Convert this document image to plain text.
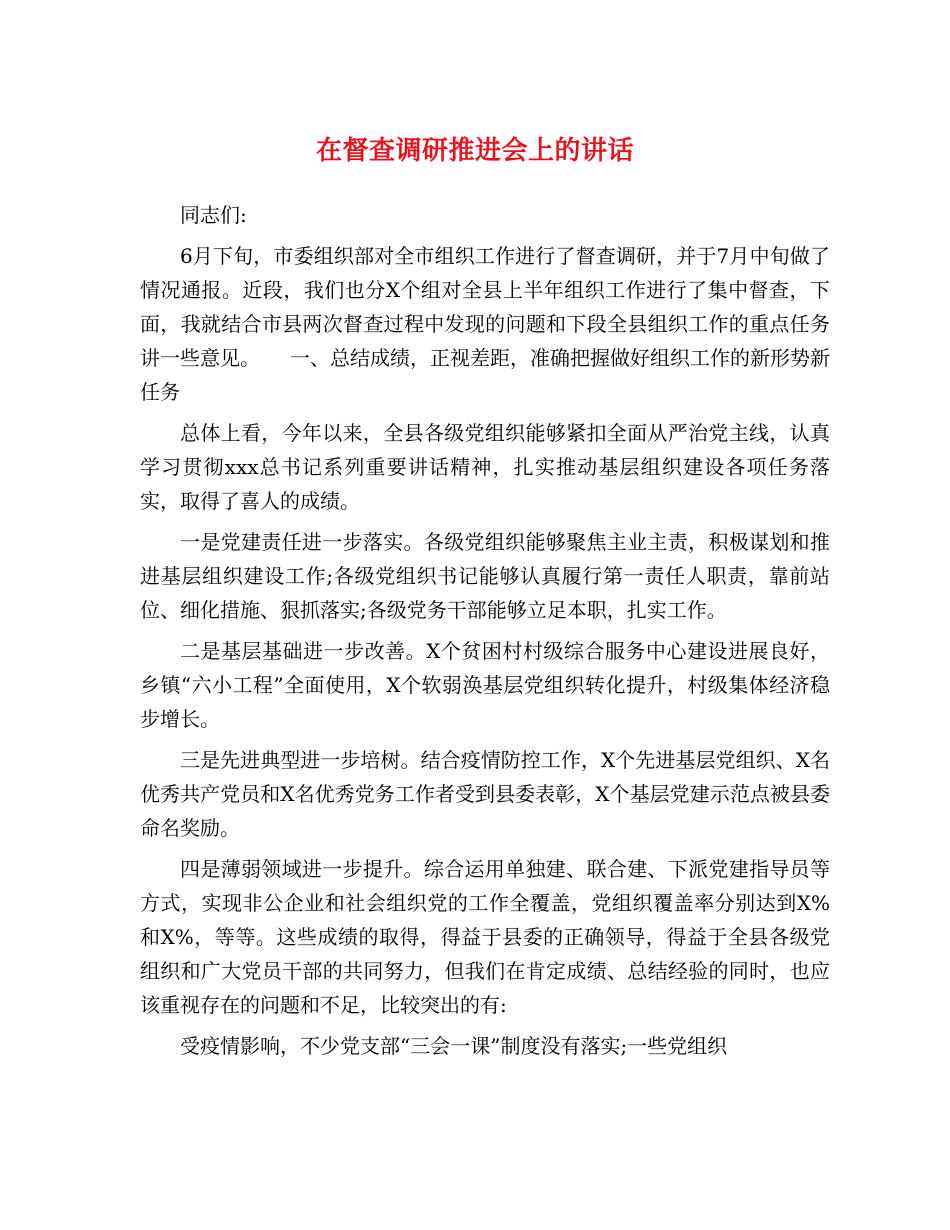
在督查调研推进会上的讲话

同志们:

6月下旬，市委组织部对全市组织工作进行了督查调研，并于7月中旬做了情况通报。近段，我们也分X个组对全县上半年组织工作进行了集中督查，下面，我就结合市县两次督查过程中发现的问题和下段全县组织工作的重点任务讲一些意见。　　一、总结成绩，正视差距，准确把握做好组织工作的新形势新任务

总体上看，今年以来，全县各级党组织能够紧扣全面从严治党主线，认真学习贯彻xxx总书记系列重要讲话精神，扎实推动基层组织建设各项任务落实，取得了喜人的成绩。

一是党建责任进一步落实。各级党组织能够聚焦主业主责，积极谋划和推进基层组织建设工作;各级党组织书记能够认真履行第一责任人职责，靠前站位、细化措施、狠抓落实;各级党务干部能够立足本职，扎实工作。

二是基层基础进一步改善。X个贫困村村级综合服务中心建设进展良好，乡镇“六小工程”全面使用，X个软弱涣基层党组织转化提升，村级集体经济稳步增长。

三是先进典型进一步培树。结合疫情防控工作，X个先进基层党组织、X名优秀共产党员和X名优秀党务工作者受到县委表彰，X个基层党建示范点被县委命名奖励。

四是薄弱领域进一步提升。综合运用单独建、联合建、下派党建指导员等方式，实现非公企业和社会组织党的工作全覆盖，党组织覆盖率分别达到X%和X%，等等。这些成绩的取得，得益于县委的正确领导，得益于全县各级党组织和广大党员干部的共同努力，但我们在肯定成绩、总结经验的同时，也应该重视存在的问题和不足，比较突出的有:

受疫情影响，不少党支部“三会一课”制度没有落实;一些党组织
